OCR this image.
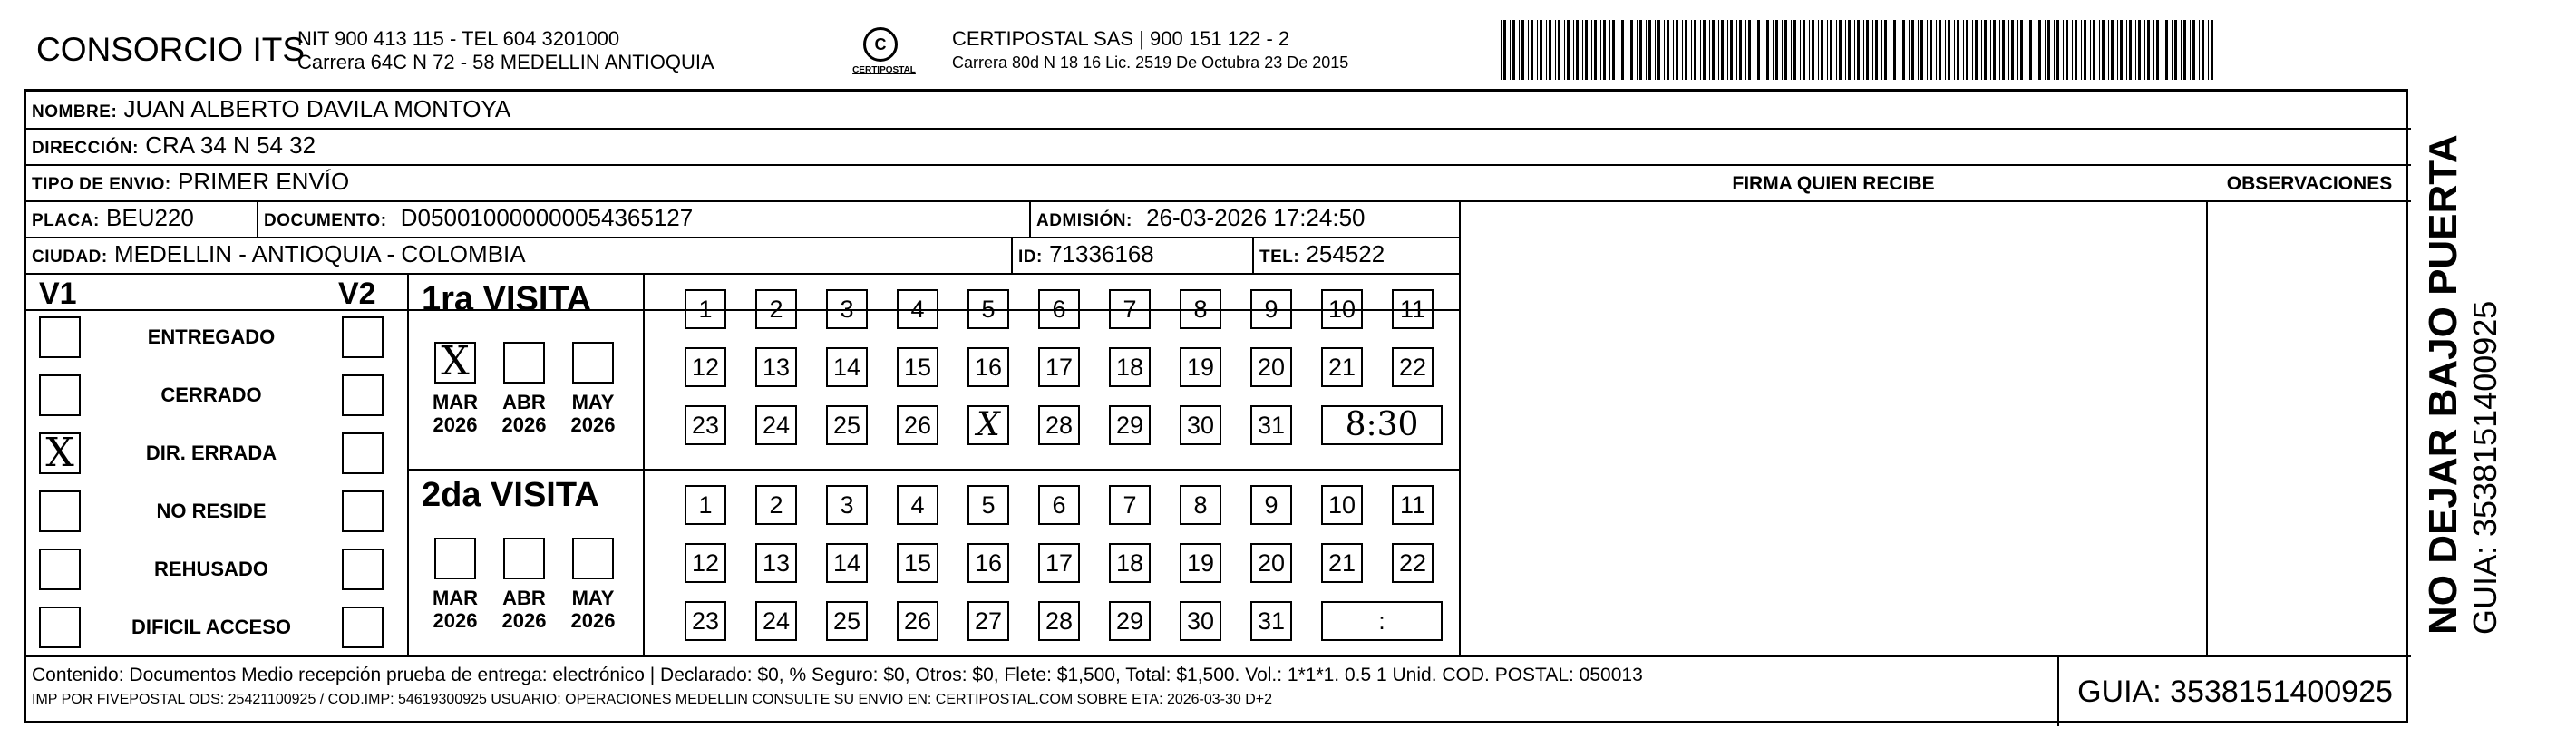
CONSORCIO ITS
NIT 900 413 115 - TEL 604 3201000
Carrera 64C N 72 - 58 MEDELLIN ANTIOQUIA
C
CERTIPOSTAL
CERTIPOSTAL SAS | 900 151 122 - 2
Carrera 80d N 18 16 Lic. 2519 De Octubra 23 De 2015
NOMBRE: JUAN ALBERTO DAVILA MONTOYA
DIRECCIÓN: CRA 34 N 54 32
TIPO DE ENVIO: PRIMER ENVÍO	FIRMA QUIEN RECIBE	OBSERVACIONES
PLACA: BEU220	DOCUMENTO: D050010000000054365127	ADMISIÓN: 26-03-2026 17:24:50
CIUDAD: MEDELLIN - ANTIOQUIA - COLOMBIA	ID: 71336168	TEL: 254522
V1	V2
ENTREGADO
CERRADO
X	DIR. ERRADA
NO RESIDE
REHUSADO
DIFICIL ACCESO
1ra VISITA
X
MAR
2026
ABR
2026
MAY
2026
1	2	3	4	5	6	7	8	9	10	11
12 13 14 15 16 17 18 19 20 21 22
23 24 25 26 X	28 29 30 31	8:30
2da VISITA
MAR
2026
ABR
2026
MAY
2026
1	2	3	4	5	6	7	8	9	10	11
12 13 14 15 16 17 18 19 20 21 22
23 24 25 26 27 28 29 30 31	:
Contenido: Documentos Medio recepción prueba de entrega: electrónico | Declarado: $0, % Seguro: $0, Otros: $0, Flete: $1,500, Total: $1,500. Vol.: 1*1*1. 0.5 1 Unid. COD. POSTAL: 050013
IMP POR FIVEPOSTAL ODS: 25421100925 / COD.IMP: 54619300925 USUARIO: OPERACIONES MEDELLIN CONSULTE SU ENVIO EN: CERTIPOSTAL.COM SOBRE ETA: 2026-03-30 D+2	GUIA: 3538151400925
NO DEJAR BAJO PUERTA GUIA: 3538151400925
